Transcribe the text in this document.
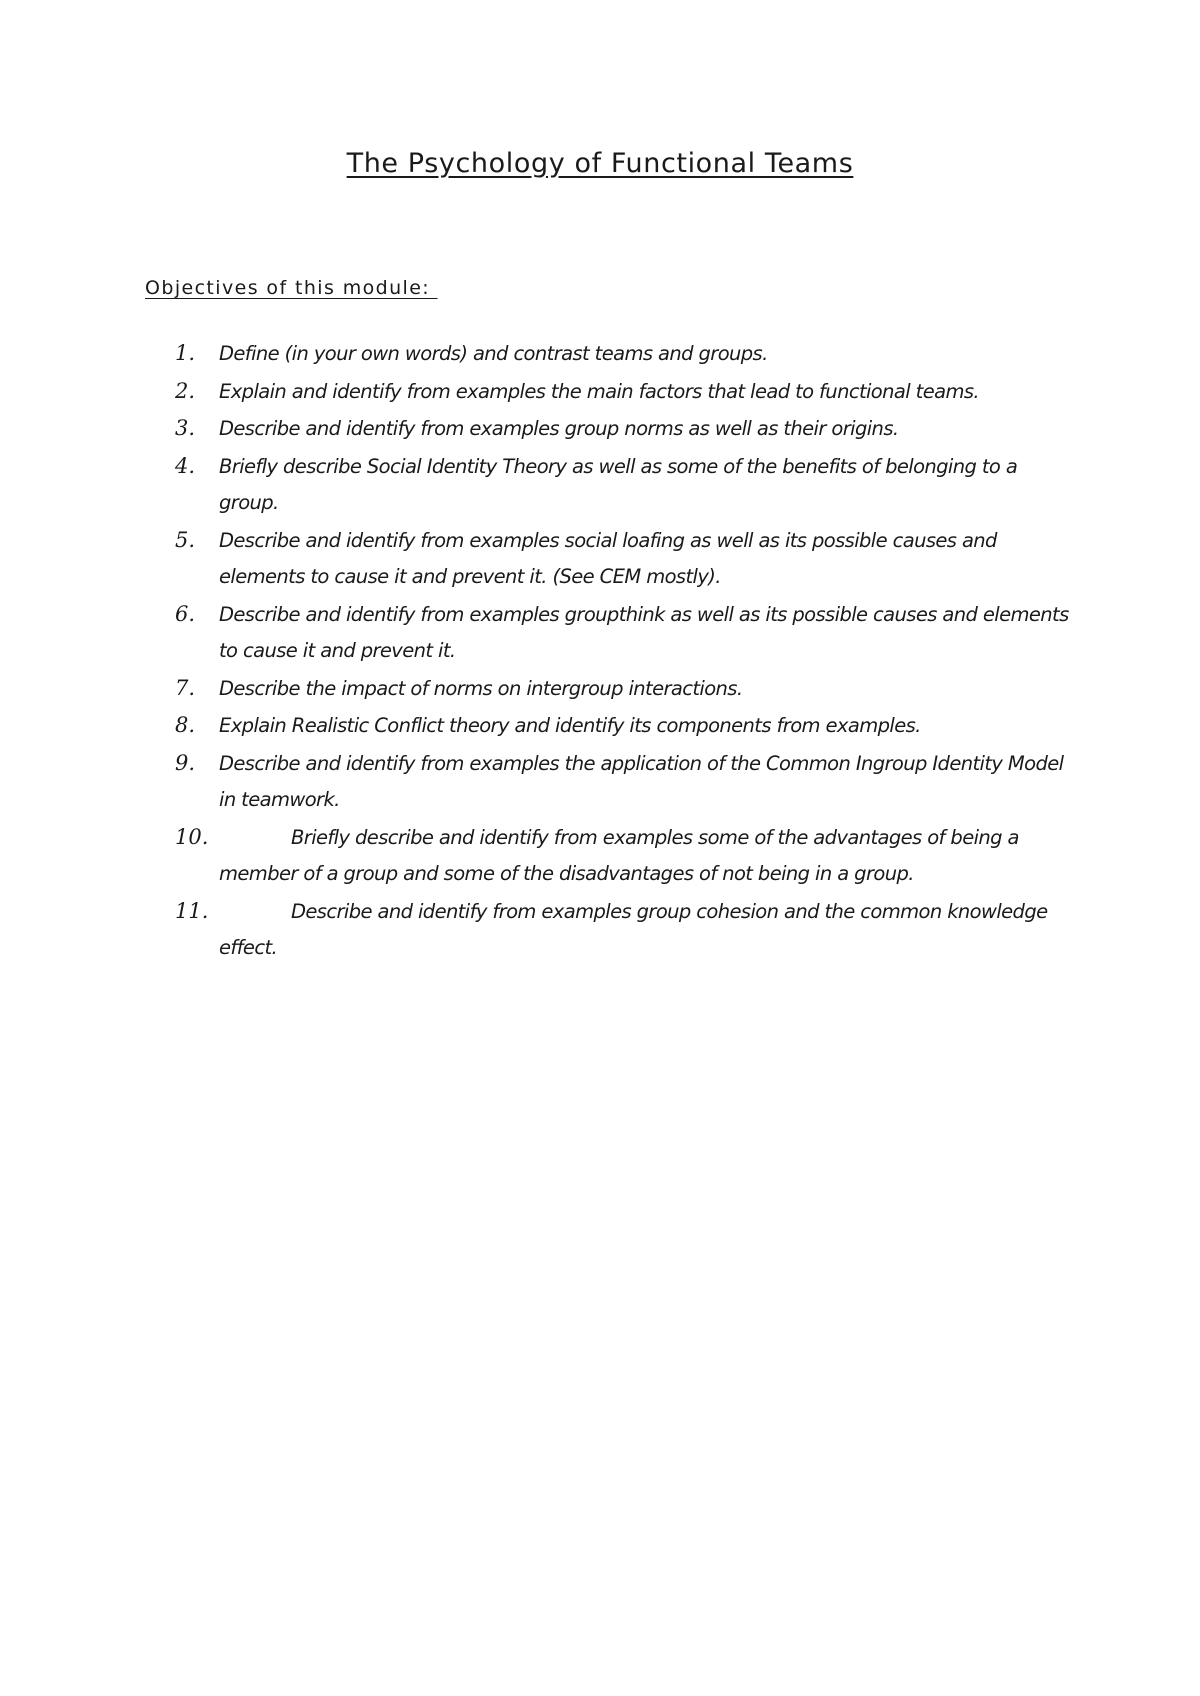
The Psychology of Functional Teams
Objectives of this module:
1.	Define (in your own words) and contrast teams and groups.
2.	Explain and identify from examples the main factors that lead to functional teams.
3.	Describe and identify from examples group norms as well as their origins.
4.	Briefly describe Social Identity Theory as well as some of the benefits of belonging to a group.
5.	Describe and identify from examples social loafing as well as its possible causes and elements to cause it and prevent it. (See CEM mostly).
6.	Describe and identify from examples groupthink as well as its possible causes and elements to cause it and prevent it.
7.	Describe the impact of norms on intergroup interactions.
8.	Explain Realistic Conflict theory and identify its components from examples.
9.	Describe and identify from examples the application of the Common Ingroup Identity Model in teamwork.
10.	Briefly describe and identify from examples some of the advantages of being a member of a group and some of the disadvantages of not being in a group.
11.	Describe and identify from examples group cohesion and the common knowledge effect.
